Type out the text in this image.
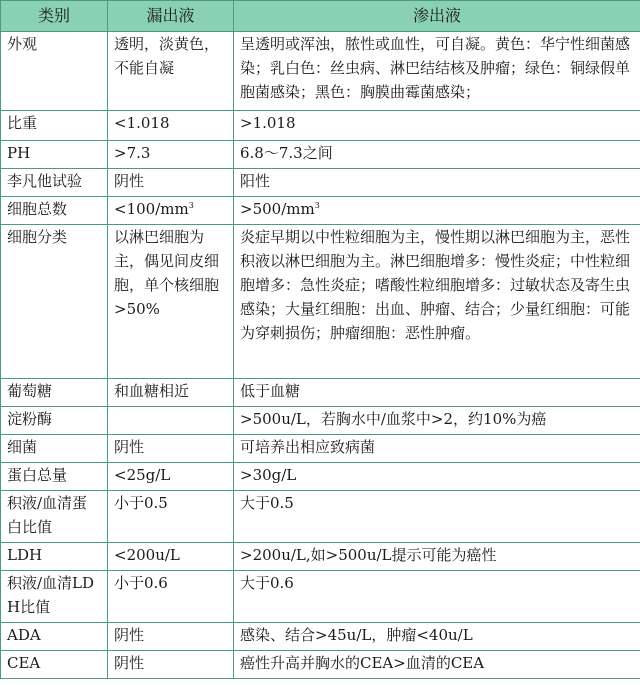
类别	漏出液	渗出液
外观	透明，淡黄色，不能自凝	呈透明或浑浊，脓性或血性，可自凝。黄色：华宁性细菌感染；乳白色：丝虫病、淋巴结结核及肿瘤；绿色：铜绿假单胞菌感染；黑色：胸膜曲霉菌感染；
比重	<1.018	>1.018
PH	>7.3	6.8～7.3之间
李凡他试验	阴性	阳性
细胞总数	$<100/mm^3$	$>500/mm^3$
细胞分类	以淋巴细胞为主，偶见间皮细胞，单个核细胞>50%	炎症早期以中性粒细胞为主，慢性期以淋巴细胞为主，恶性积液以淋巴细胞为主。淋巴细胞增多：慢性炎症；中性粒细胞增多：急性炎症；嗜酸性粒细胞增多：过敏状态及寄生虫感染；大量红细胞：出血、肿瘤、结合；少量红细胞：可能为穿刺损伤；肿瘤细胞：恶性肿瘤。
葡萄糖	和血糖相近	低于血糖
淀粉酶		>500u/L，若胸水中/血浆中>2，约10%为癌
细菌	阴性	可培养出相应致病菌
蛋白总量	<25g/L	>30g/L
积液/血清蛋白比值	小于0.5	大于0.5
LDH	<200u/L	>200u/L,如>500u/L提示可能为癌性
积液/血清LDH比值	小于0.6	大于0.6
ADA	阴性	感染、结合>45u/L，肿瘤<40u/L
CEA	阴性	癌性升高并胸水的CEA>血清的CEA
